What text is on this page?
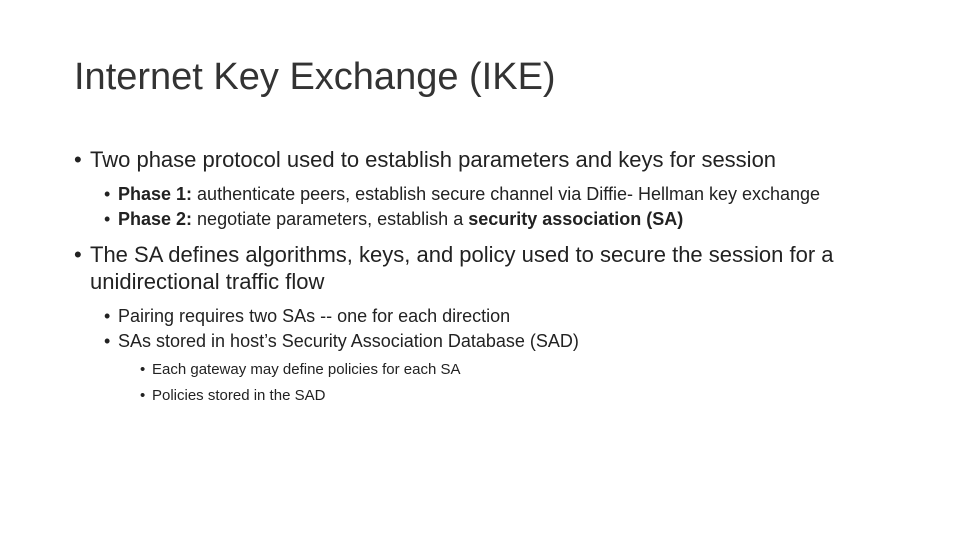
Internet Key Exchange (IKE)
• Two phase protocol used to establish parameters and keys for session
• Phase 1: authenticate peers, establish secure channel via Diffie- Hellman key exchange
• Phase 2: negotiate parameters, establish a security association (SA)
• The SA defines algorithms, keys, and policy used to secure the session for a unidirectional traffic flow
• Pairing requires two SAs -- one for each direction
• SAs stored in host’s Security Association Database (SAD)
• Each gateway may define policies for each SA
• Policies stored in the SAD
